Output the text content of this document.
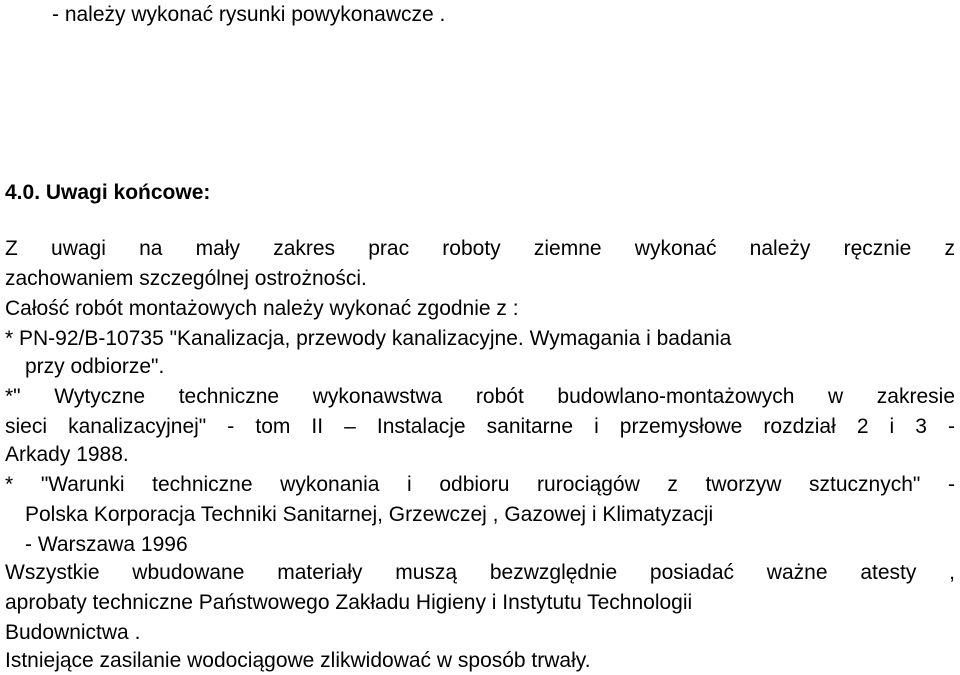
- należy wykonać rysunki powykonawcze .
4.0. Uwagi końcowe:
Z uwagi na mały zakres prac roboty ziemne wykonać należy ręcznie z
zachowaniem szczególnej ostrożności.
Całość robót montażowych należy wykonać zgodnie z :
* PN-92/B-10735 "Kanalizacja, przewody kanalizacyjne. Wymagania i badania
przy odbiorze".
*" Wytyczne techniczne wykonawstwa robót budowlano-montażowych w zakresie
sieci kanalizacyjnej" - tom II – Instalacje sanitarne i przemysłowe rozdział 2 i 3 -
Arkady 1988.
* "Warunki techniczne wykonania i odbioru rurociągów z tworzyw sztucznych" -
Polska Korporacja Techniki Sanitarnej, Grzewczej , Gazowej i Klimatyzacji
- Warszawa 1996
Wszystkie wbudowane materiały muszą bezwzględnie posiadać ważne atesty ,
aprobaty techniczne Państwowego Zakładu Higieny i Instytutu Technologii
Budownictwa .
Istniejące zasilanie wodociągowe zlikwidować w sposób trwały.
